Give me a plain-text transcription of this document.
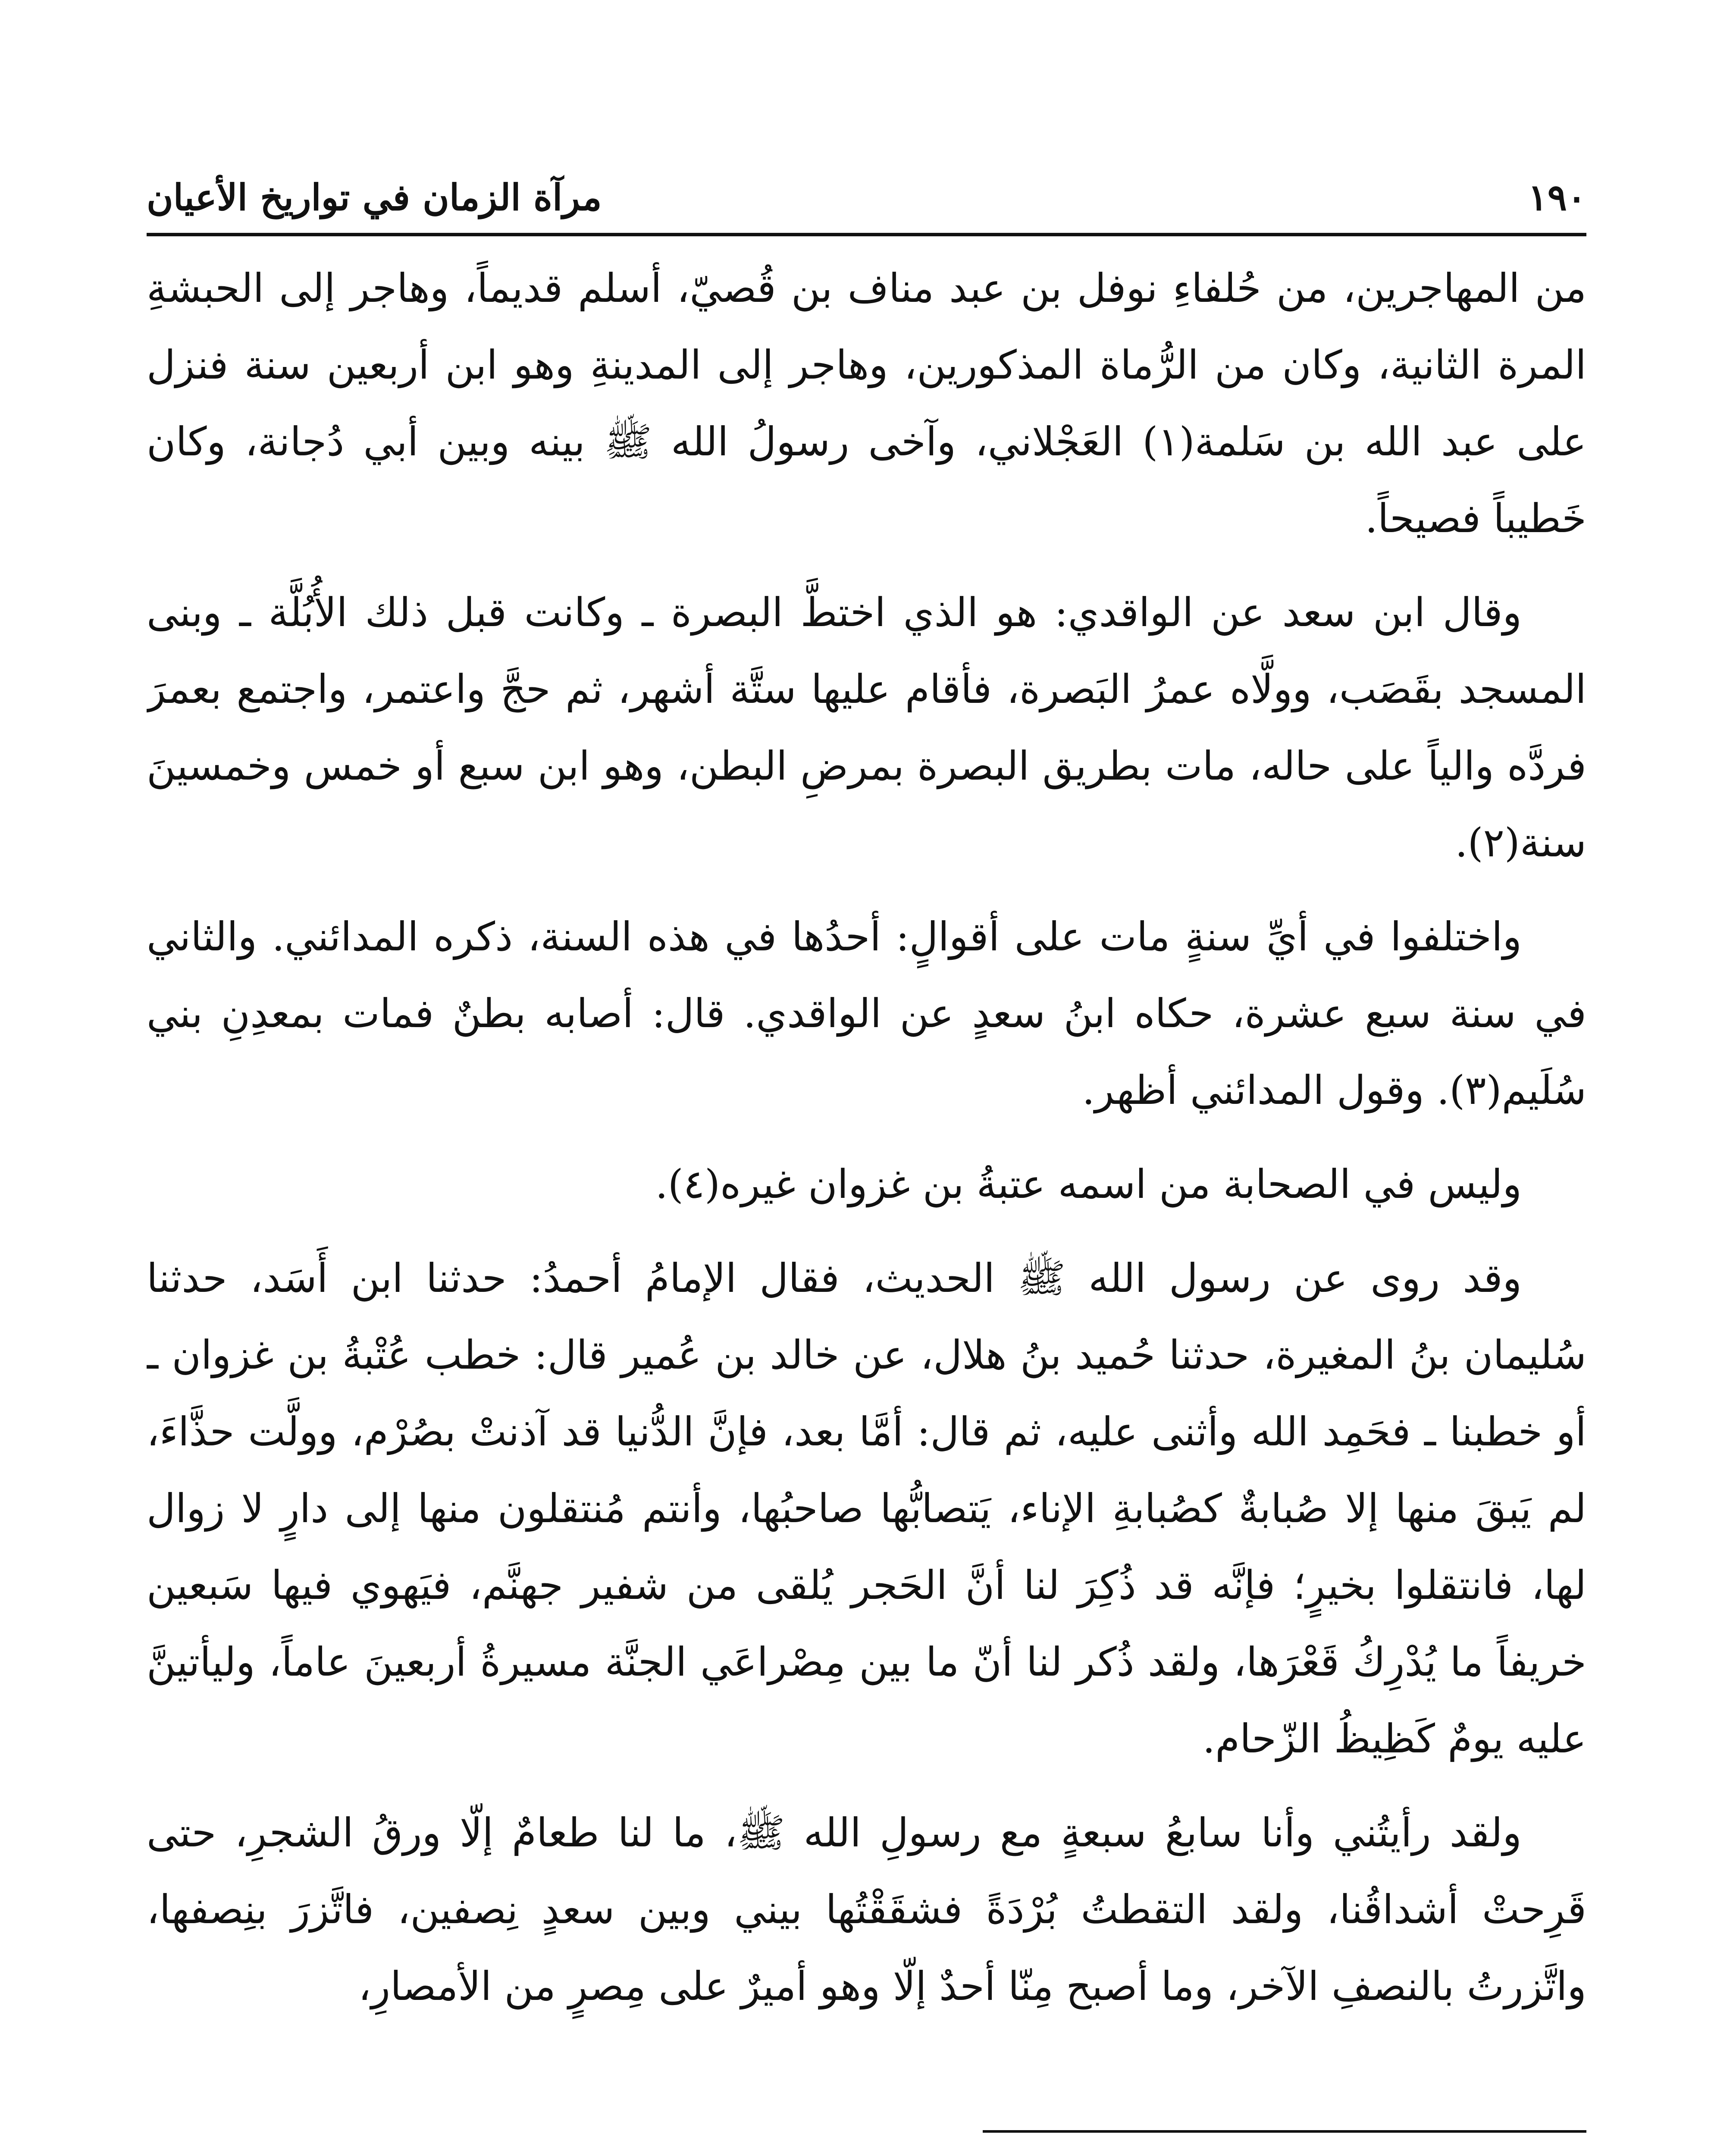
١٩٠
مرآة الزمان في تواريخ الأعيان

من المهاجرين، من حُلفاءِ نوفل بن عبد مناف بن قُصيّ، أسلم قديماً، وهاجر إلى الحبشةِ المرة الثانية، وكان من الرُّماة المذكورين، وهاجر إلى المدينةِ وهو ابن أربعين سنة فنزل على عبد الله بن سَلمة(١) العَجْلاني، وآخى رسولُ الله ﷺ بينه وبين أبي دُجانة، وكان خَطيباً فصيحاً.

وقال ابن سعد عن الواقدي: هو الذي اختطَّ البصرة ـ وكانت قبل ذلك الأُبُلَّة ـ وبنى المسجد بقَصَب، وولَّاه عمرُ البَصرة، فأقام عليها ستَّة أشهر، ثم حجَّ واعتمر، واجتمع بعمرَ فردَّه والياً على حاله، مات بطريق البصرة بمرضِ البطن، وهو ابن سبع أو خمس وخمسينَ سنة(٢).

واختلفوا في أيِّ سنةٍ مات على أقوالٍ: أحدُها في هذه السنة، ذكره المدائني. والثاني في سنة سبع عشرة، حكاه ابنُ سعدٍ عن الواقدي. قال: أصابه بطنٌ فمات بمعدِنِ بني سُلَيم(٣). وقول المدائني أظهر.

وليس في الصحابة من اسمه عتبةُ بن غزوان غيره(٤).

وقد روى عن رسول الله ﷺ الحديث، فقال الإمامُ أحمدُ: حدثنا ابن أَسَد، حدثنا سُليمان بنُ المغيرة، حدثنا حُميد بنُ هلال، عن خالد بن عُمير قال: خطب عُتْبةُ بن غزوان ـ أو خطبنا ـ فحَمِد الله وأثنى عليه، ثم قال: أمَّا بعد، فإنَّ الدُّنيا قد آذنتْ بصُرْم، وولَّت حذَّاءَ، لم يَبقَ منها إلا صُبابةٌ كصُبابةِ الإناء، يَتصابُّها صاحبُها، وأنتم مُنتقلون منها إلى دارٍ لا زوال لها، فانتقلوا بخيرٍ؛ فإنَّه قد ذُكِرَ لنا أنَّ الحَجر يُلقى من شفير جهنَّم، فيَهوي فيها سَبعين خريفاً ما يُدْرِكُ قَعْرَها، ولقد ذُكر لنا أنّ ما بين مِصْراعَي الجنَّة مسيرةُ أربعينَ عاماً، وليأتينَّ عليه يومٌ كَظِيظُ الزّحام.

ولقد رأيتُني وأنا سابعُ سبعةٍ مع رسولِ الله ﷺ، ما لنا طعامٌ إلّا ورقُ الشجرِ، حتى قَرِحتْ أشداقُنا، ولقد التقطتُ بُرْدَةً فشقَقْتُها بيني وبين سعدٍ نِصفين، فاتَّزرَ بنِصفها، واتَّزرتُ بالنصفِ الآخر، وما أصبح مِنّا أحدٌ إلّا وهو أميرٌ على مِصرٍ من الأمصارِ،
